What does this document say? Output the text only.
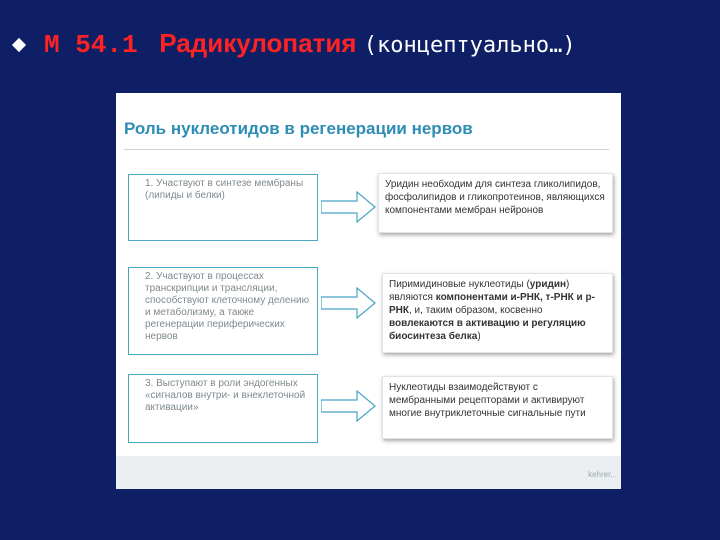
M 54.1 Радикулопатия (концептуально…)
Роль нуклеотидов в регенерации нервов
1. Участвуют в синтезе мембраны (липиды и белки)
Уридин необходим для синтеза гликолипидов, фосфолипидов и гликопротеинов, являющихся компонентами мембран нейронов
2. Участвуют в процессах транскрипции и трансляции, способствуют клеточному делению и метаболизму, а также регенерации периферических нервов
Пиримидиновые нуклеотиды (уридин) являются компонентами и-РНК, т-РНК и р-РНК, и, таким образом, косвенно вовлекаются в активацию и регуляцию биосинтеза белка)
3. Выступают в роли эндогенных «сигналов внутри- и внеклеточной активации»
Нуклеотиды взаимодействуют с мембранными рецепторами и активируют многие внутриклеточные сигнальные пути
kehrer...
